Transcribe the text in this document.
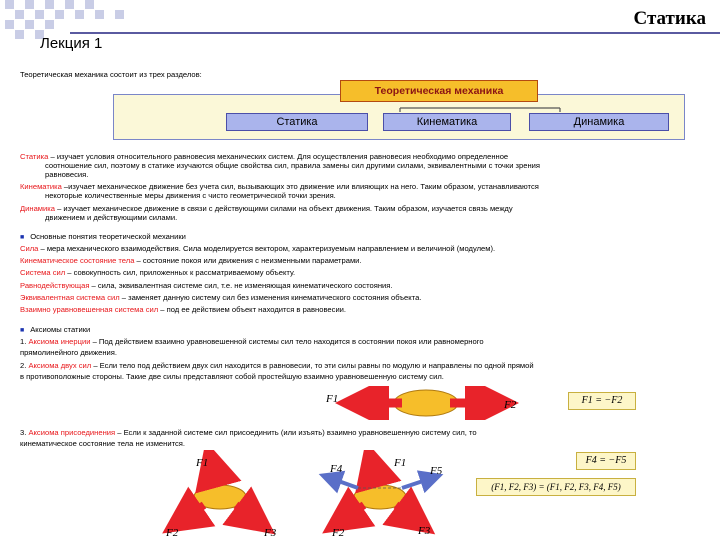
Статика
Лекция 1
Теоретическая механика состоит из трех разделов:
Теоретическая механика
Статика	Кинематика	Динамика
Статика – изучает условия относительного равновесия механических систем. Для осуществления равновесия необходимо определенное
соотношение сил, поэтому в статике изучаются общие свойства сил, правила замены сил другими силами, эквивалентными с точки зрения
равновесия.
Кинематика –изучает механическое движение без учета сил, вызывающих это движение или влияющих на него. Таким образом, устанавливаются
некоторые количественные меры движения с чисто геометрической точки зрения.
Динамика – изучает механическое движение в связи с действующими силами на объект движения. Таким образом, изучается связь между
движением и действующими силами.
■ Основные понятия теоретической механики
Сила – мера механического взаимодействия. Сила моделируется вектором, характеризуемым направлением и величиной (модулем).
Кинематическое состояние тела – состояние покоя или движения с неизменными параметрами.
Система сил – совокупность сил, приложенных к рассматриваемому объекту.
Равнодействующая – сила, эквивалентная системе сил, т.е. не изменяющая кинематического состояния.
Эквивалентная система сил – заменяет данную систему сил без изменения кинематического состояния объекта.
Взаимно уравновешенная система сил – под ее действием объект находится в равновесии.
■ Аксиомы статики
1. Аксиома инерции – Под действием взаимно уравновешенной системы сил тело находится в состоянии покоя или равномерного
прямолинейного движения.
2. Аксиома двух сил – Если тело под действием двух сил находится в равновесии, то эти силы равны по модулю и направлены по одной прямой
в противоположные стороны. Такие две силы представляют собой простейшую взаимно уравновешенную систему сил.
F1	F2	F1 = −F2
3. Аксиома присоединения – Если к заданной системе сил присоединить (или изъять) взаимно уравновешенную систему сил, то
кинематическое состояние тела не изменится.
F1
F2	F3
F4	F1
F5
F2	F3
F4 = −F5
(F1, F2, F3) = (F1, F2, F3, F4, F5)
